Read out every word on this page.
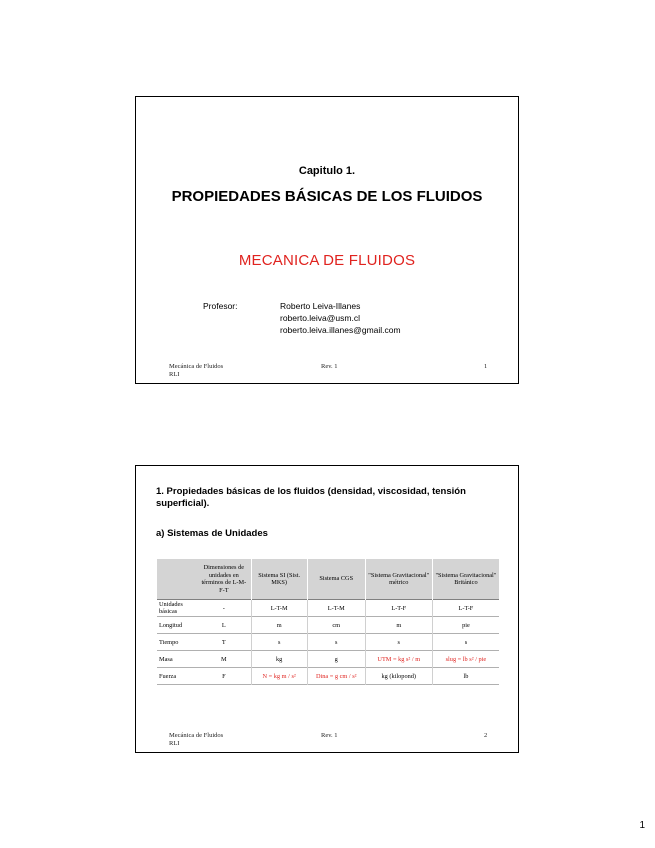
Capitulo 1.
PROPIEDADES BÁSICAS DE LOS FLUIDOS
MECANICA DE FLUIDOS
Profesor:	Roberto Leiva-Illanes
roberto.leiva@usm.cl
roberto.leiva.illanes@gmail.com
Mecánica de Fluidos
RLI
Rev. 1	1
1. Propiedades básicas de los fluidos (densidad, viscosidad, tensión superficial).
a) Sistemas de Unidades
	Dimensiones de unidades en términos de L-M-F-T	Sistema SI (Sist. MKS)	Sistema CGS	"Sistema Gravitacional" métrico	"Sistema Gravitacional" Británico
Unidades básicas	-	L-T-M	L-T-M	L-T-F	L-T-F
Longitud	L	m	cm	m	pie
Tiempo	T	s	s	s	s
Masa	M	kg	g	UTM = kg s² / m	slug = lb s² / pie
Fuerza	F	N = kg m / s²	Dina = g cm / s²	kg (kilopond)	lb
Mecánica de Fluidos
RLI
Rev. 1	2
1
